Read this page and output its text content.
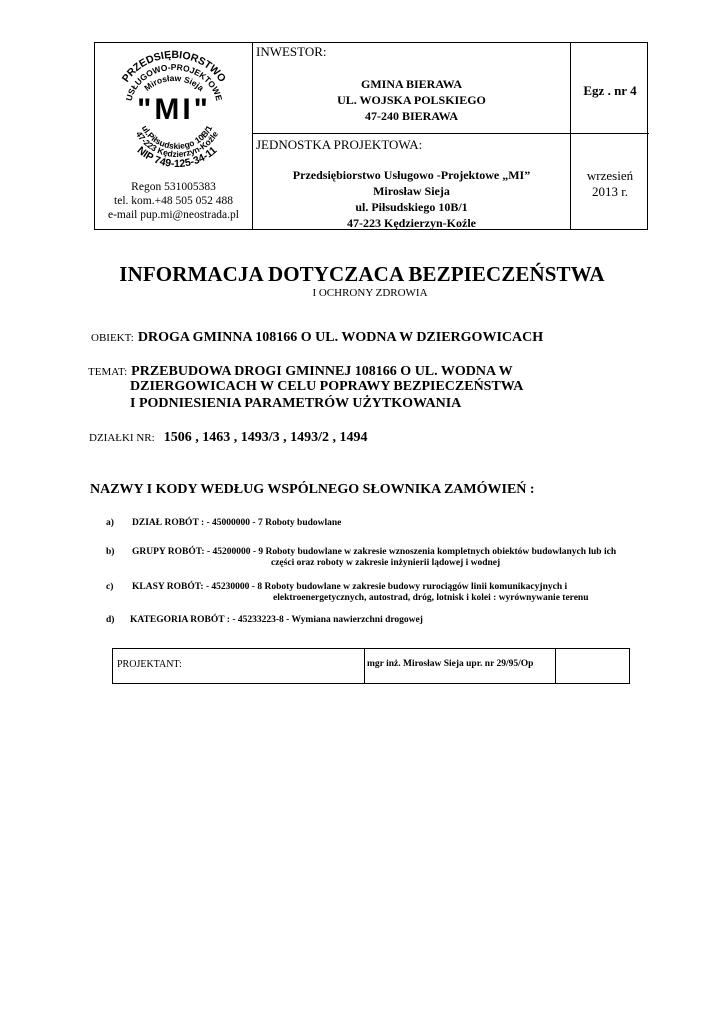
PRZEDSIĘBIORSTWO
USŁUGOWO-PROJEKTOWE
Mirosław Sieja
"MI"
ul.Piłsudskiego 10B/1
47-223 Kędzierzyn-Koźle
NIP 749-125-34-11
Regon 531005383
tel. kom.+48 505 052 488
e-mail pup.mi@neostrada.pl
INWESTOR:
GMINA BIERAWA
UL. WOJSKA POLSKIEGO
47-240 BIERAWA
Egz . nr 4
JEDNOSTKA PROJEKTOWA:
Przedsiębiorstwo Usługowo -Projektowe „MI”
Mirosław Sieja
ul. Piłsudskiego 10B/1
47-223 Kędzierzyn-Koźle
wrzesień
2013 r.
INFORMACJA DOTYCZACA BEZPIECZEŃSTWA
I OCHRONY ZDROWIA
OBIEKT: DROGA GMINNA 108166 O UL. WODNA W DZIERGOWICACH
TEMAT: PRZEBUDOWA DROGI GMINNEJ 108166 O UL. WODNA W
DZIERGOWICACH W CELU POPRAWY BEZPIECZEŃSTWA
I PODNIESIENIA PARAMETRÓW UŻYTKOWANIA
DZIAŁKI NR: 1506 , 1463 , 1493/3 , 1493/2 , 1494
NAZWY I KODY WEDŁUG WSPÓLNEGO SŁOWNIKA ZAMÓWIEŃ :
a) DZIAŁ ROBÓT : - 45000000 - 7 Roboty budowlane
b) GRUPY ROBÓT: - 45200000 - 9 Roboty budowlane w zakresie wznoszenia kompletnych obiektów budowlanych lub ich
części oraz roboty w zakresie inżynierii lądowej i wodnej
c) KLASY ROBÓT: - 45230000 - 8 Roboty budowlane w zakresie budowy rurociągów linii komunikacyjnych i
elektroenergetycznych, autostrad, dróg, lotnisk i kolei : wyrównywanie terenu
d) KATEGORIA ROBÓT : - 45233223-8 - Wymiana nawierzchni drogowej
PROJEKTANT:	mgr inż. Mirosław Sieja upr. nr 29/95/Op
